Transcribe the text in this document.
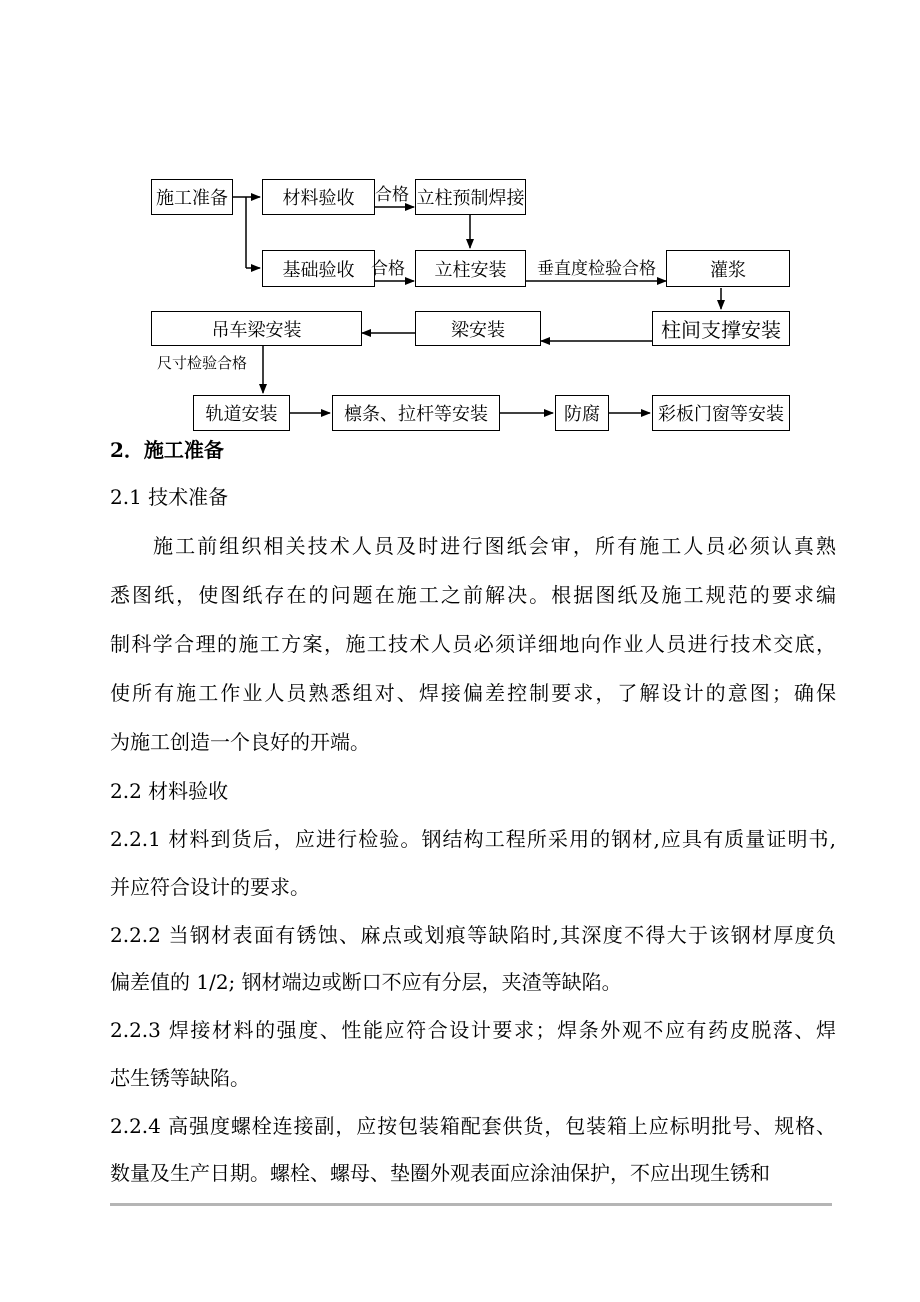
施工准备	材料验收	立柱预制焊接
基础验收	立柱安装	灌浆
吊车梁安装	梁安装	柱间支撑安装
轨道安装	檩条、拉杆等安装	防腐	彩板门窗等安装
合格
合格	垂直度检验合格
尺寸检验合格
2．施工准备
2.1 技术准备
施工前组织相关技术人员及时进行图纸会审，所有施工人员必须认真熟
悉图纸，使图纸存在的问题在施工之前解决。根据图纸及施工规范的要求编
制科学合理的施工方案，施工技术人员必须详细地向作业人员进行技术交底，
使所有施工作业人员熟悉组对、焊接偏差控制要求，了解设计的意图；确保
为施工创造一个良好的开端。
2.2 材料验收
2.2.1 材料到货后，应进行检验。钢结构工程所采用的钢材,应具有质量证明书,
并应符合设计的要求。
2.2.2 当钢材表面有锈蚀、麻点或划痕等缺陷时,其深度不得大于该钢材厚度负
偏差值的 1/2; 钢材端边或断口不应有分层，夹渣等缺陷。
2.2.3 焊接材料的强度、性能应符合设计要求；焊条外观不应有药皮脱落、焊
芯生锈等缺陷。
2.2.4 高强度螺栓连接副，应按包装箱配套供货，包装箱上应标明批号、规格、
数量及生产日期。螺栓、螺母、垫圈外观表面应涂油保护，不应出现生锈和
